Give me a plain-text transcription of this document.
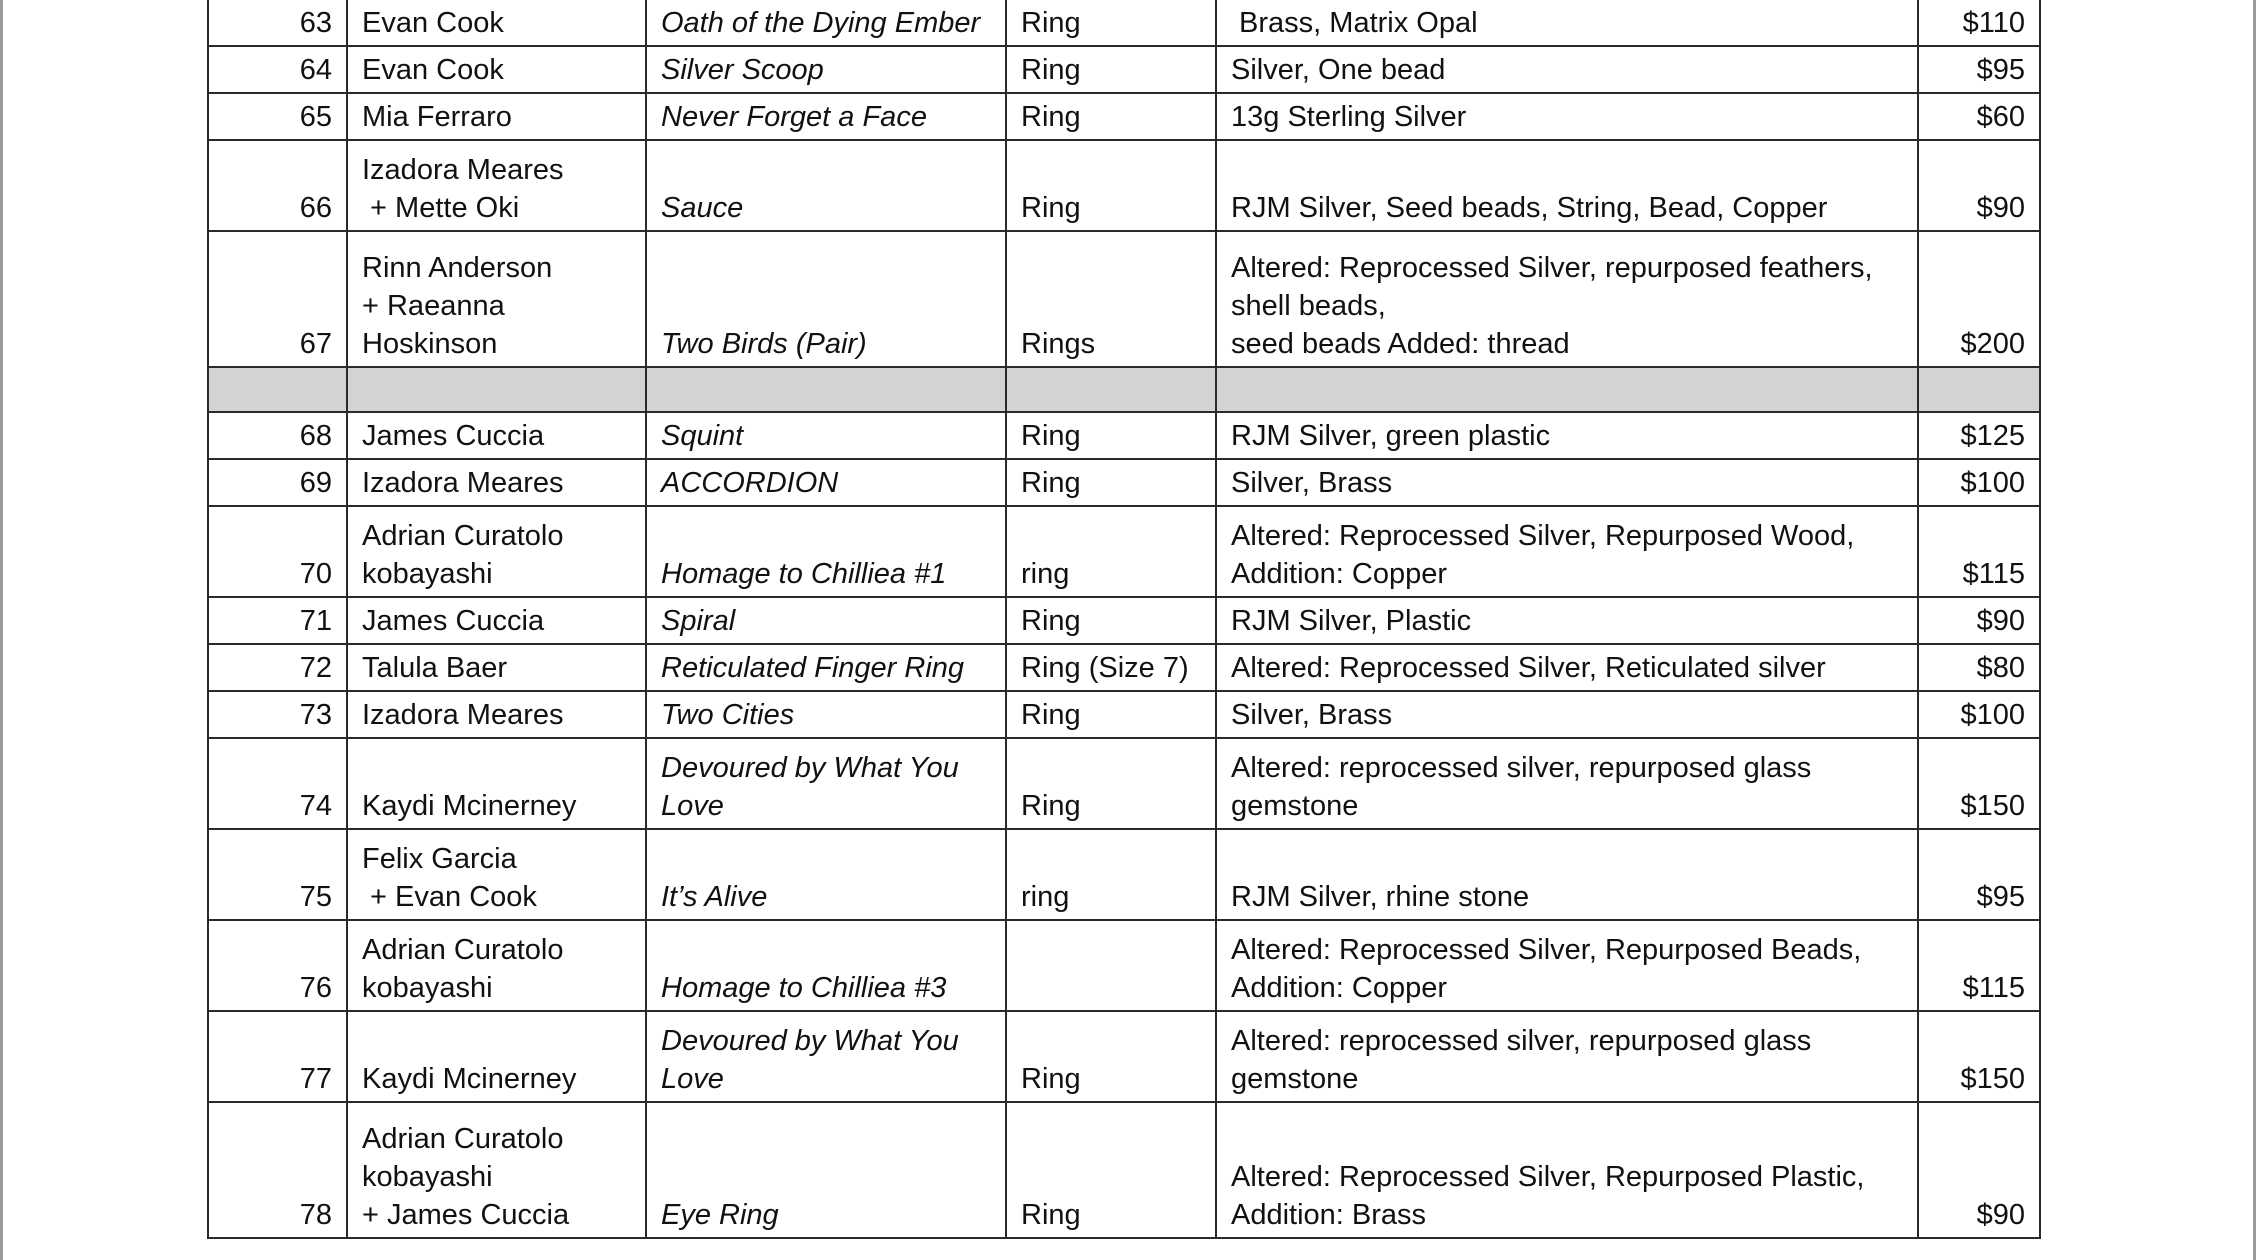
63	Evan Cook	Oath of the Dying Ember	Ring	Brass, Matrix Opal	$110
64	Evan Cook	Silver Scoop	Ring	Silver, One bead	$95
65	Mia Ferraro	Never Forget a Face	Ring	13g Sterling Silver	$60
66	Izadora Meares
+ Mette Oki	Sauce	Ring	RJM Silver, Seed beads, String, Bead, Copper	$90
67	Rinn Anderson
+ Raeanna
Hoskinson	Two Birds (Pair)	Rings	Altered: Reprocessed Silver, repurposed feathers,
shell beads,
seed beads Added: thread	$200

68	James Cuccia	Squint	Ring	RJM Silver, green plastic	$125
69	Izadora Meares	ACCORDION	Ring	Silver, Brass	$100
70	Adrian Curatolo
kobayashi	Homage to Chilliea #1	ring	Altered: Reprocessed Silver, Repurposed Wood,
Addition: Copper	$115
71	James Cuccia	Spiral	Ring	RJM Silver, Plastic	$90
72	Talula Baer	Reticulated Finger Ring	Ring (Size 7)	Altered: Reprocessed Silver, Reticulated silver	$80
73	Izadora Meares	Two Cities	Ring	Silver, Brass	$100
74	Kaydi Mcinerney	Devoured by What You
Love	Ring	Altered: reprocessed silver, repurposed glass
gemstone	$150
75	Felix Garcia
+ Evan Cook	It’s Alive	ring	RJM Silver, rhine stone	$95
76	Adrian Curatolo
kobayashi	Homage to Chilliea #3		Altered: Reprocessed Silver, Repurposed Beads,
Addition: Copper	$115
77	Kaydi Mcinerney	Devoured by What You
Love	Ring	Altered: reprocessed silver, repurposed glass
gemstone	$150
78	Adrian Curatolo
kobayashi
+ James Cuccia	Eye Ring	Ring	Altered: Reprocessed Silver, Repurposed Plastic,
Addition: Brass	$90
